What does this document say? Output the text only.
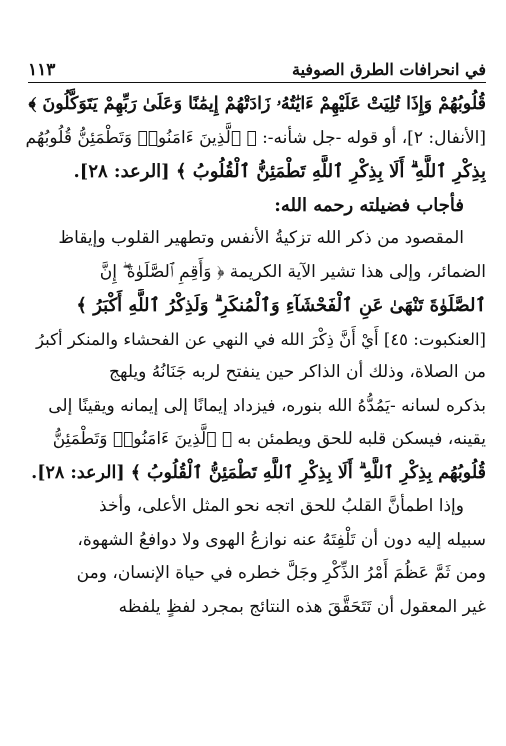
١١٣	في انحرافات الطرق الصوفية
قُلُوبُهُمْ وَإِذَا تُلِيَتْ عَلَيْهِمْ ءَايَٰتُهُۥ زَادَتْهُمْ إِيمَٰنًا وَعَلَىٰ رَبِّهِمْ يَتَوَكَّلُونَ ﴾
[الأنفال: ٢]، أو قوله -جل شأنه-: ﴿ ٱلَّذِينَ ءَامَنُوا۟ وَتَطْمَئِنُّ قُلُوبُهُم
بِذِكْرِ ٱللَّهِ ۗ أَلَا بِذِكْرِ ٱللَّهِ تَطْمَئِنُّ ٱلْقُلُوبُ ﴾ [الرعد: ٢٨].
فأجاب فضيلته رحمه الله:
المقصود من ذكر الله تزكيةُ الأنفس وتطهير القلوب وإيقاظ
الضمائر، وإلى هذا تشير الآية الكريمة ﴿ وَأَقِمِ ٱلصَّلَوٰةَ ۖ إِنَّ
ٱلصَّلَوٰةَ تَنْهَىٰ عَنِ ٱلْفَحْشَآءِ وَٱلْمُنكَرِ ۗ وَلَذِكْرُ ٱللَّهِ أَكْبَرُ ﴾
[العنكبوت: ٤٥] أَيْ أَنَّ ذِكْرَ الله في النهي عن الفحشاء والمنكر أكبرُ
من الصلاة، وذلك أن الذاكر حين ينفتح لربه جَنَانُهُ ويلهج
بذكره لسانه -يَمُدُّهُ الله بنوره، فيزداد إيمانًا إلى إيمانه ويقينًا إلى
يقينه، فيسكن قلبه للحق ويطمئن به ﴿ ٱلَّذِينَ ءَامَنُوا۟ وَتَطْمَئِنُّ
قُلُوبُهُم بِذِكْرِ ٱللَّهِ ۗ أَلَا بِذِكْرِ ٱللَّهِ تَطْمَئِنُّ ٱلْقُلُوبُ ﴾ [الرعد: ٢٨].
وإذا اطمأنَّ القلبُ للحق اتجه نحو المثل الأعلى، وأخذ
سبيله إليه دون أن تَلْفِتَهُ عنه نوازعُ الهوى ولا دوافعُ الشهوة،
ومن ثَمَّ عَظُمَ أَمْرُ الذِّكْرِ وجَلَّ خطره في حياة الإنسان، ومن
غير المعقول أن تَتَحَقَّقَ هذه النتائج بمجرد لفظٍ يلفظه
